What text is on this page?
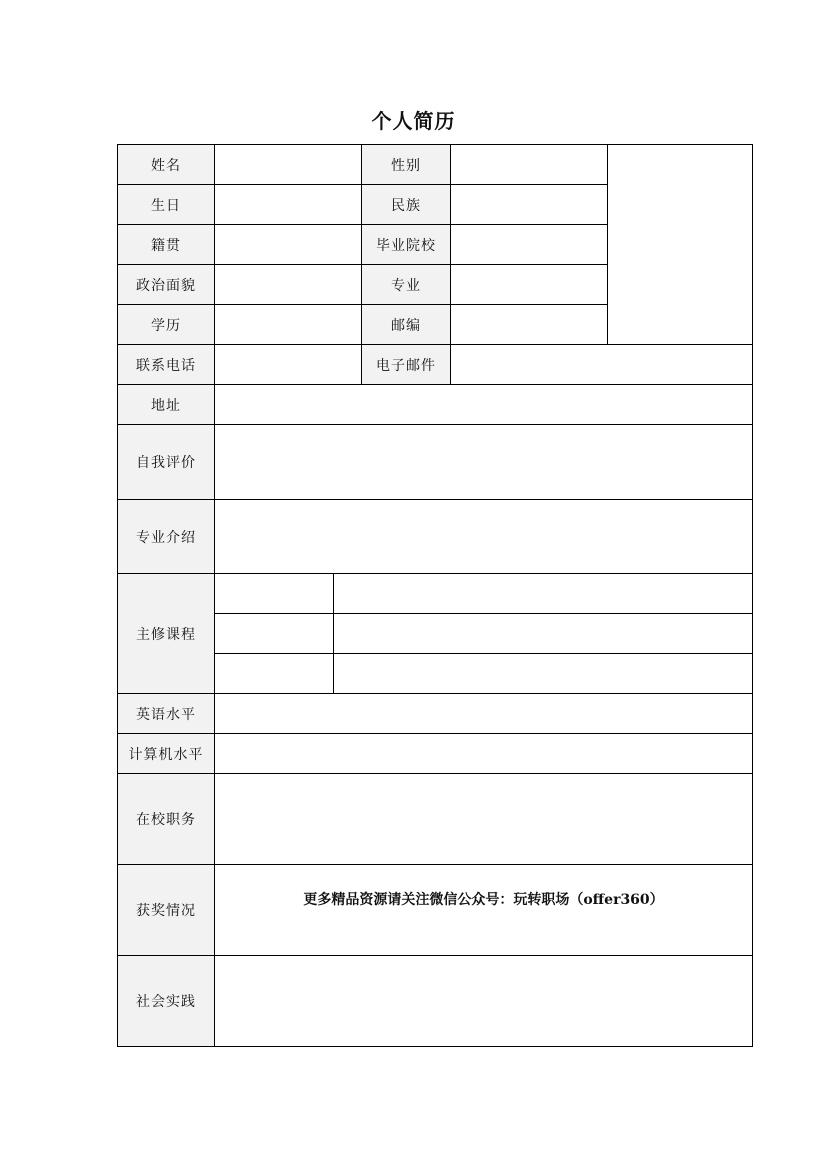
个人简历
姓名			性别		
生日			民族		
籍贯			毕业院校		
政治面貌			专业		
学历			邮编		
联系电话			电子邮件		
地址					
自我评价					
专业介绍					
主修课程					

英语水平					
计算机水平					
在校职务					
获奖情况	更多精品资源请关注微信公众号：玩转职场（offer360）				
社会实践					
